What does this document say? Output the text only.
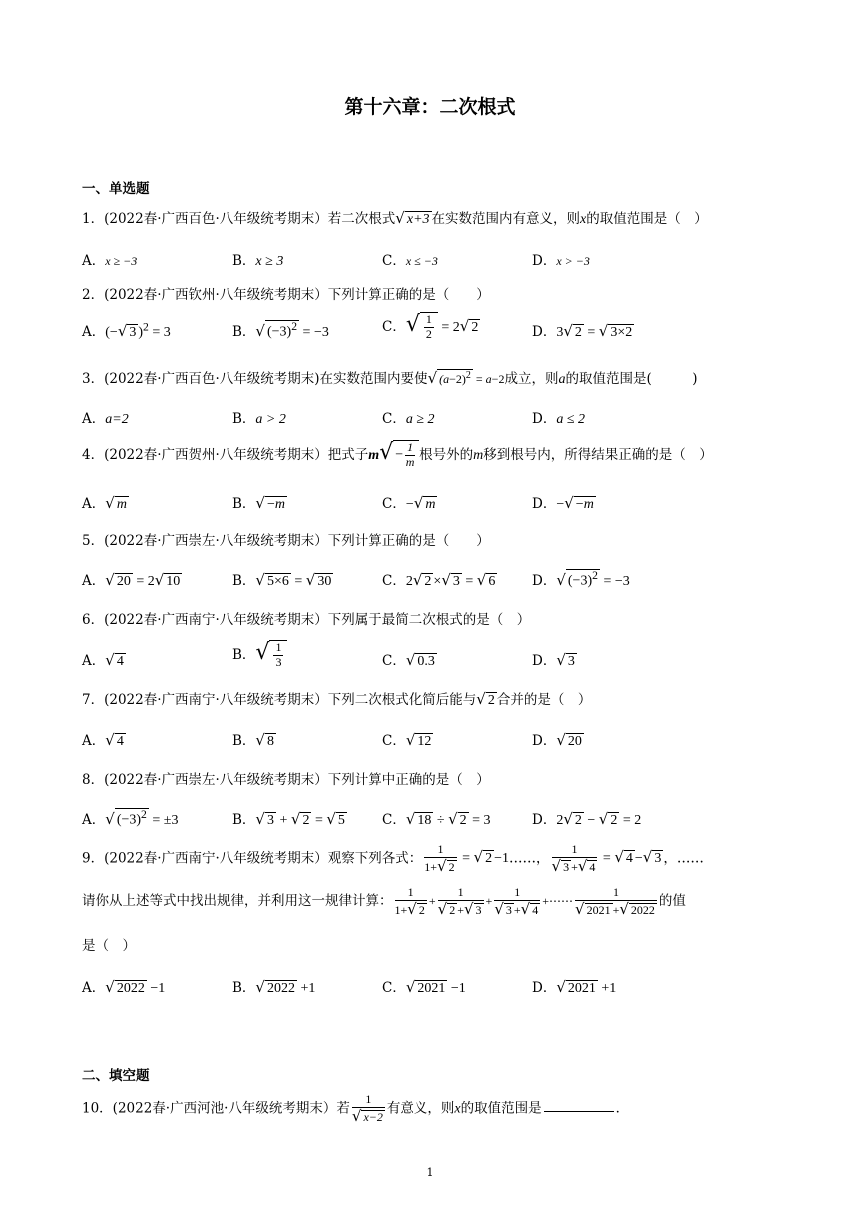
第十六章：二次根式
一、单选题
1．(2022春·广西百色·八年级统考期末）若二次根式√ x+3 在实数范围内有意义，则x的取值范围是（　）
A．x ≥ −3	B．x ≥ 3	C．x ≤ −3	D．x > −3
2．(2022春·广西钦州·八年级统考期末）下列计算正确的是（　　）
A．(−√ 3 )$^2$ = 3	B．√ $(-3)^2 = -3$	C．√ $\frac{1}{2} = 2√$ 2	D．3√ 2 = √ 3×2
3．(2022春·广西百色·八年级统考期末)在实数范围内要使√ $(a-2)^2 = a-2$成立，则a的取值范围是(　　　)
A．a=2	B．a > 2	C．a ≥ 2	D．a ≤ 2
4．(2022春·广西贺州·八年级统考期末）把式子$m√ - \frac{1}{m}$ 根号外的m移到根号内，所得结果正确的是（　）
A．√ m	B．√ −m	C．−√ m	D．−√ −m
5．(2022春·广西崇左·八年级统考期末）下列计算正确的是（　　）
A．√ 20 = 2√ 10	B．√ 5×6 = √ 30	C．2√ 2 ×√ 3 = √ 6	D．√ $(-3)^2 = -3$
6．(2022春·广西南宁·八年级统考期末）下列属于最简二次根式的是（　）
A．√ 4	B．√ $\frac{1}{3}$	C．√ 0.3	D．√ 3
7．(2022春·广西南宁·八年级统考期末）下列二次根式化简后能与√ 2 合并的是（　）
A．√ 4	B．√ 8	C．√ 12	D．√ 20
8．(2022春·广西崇左·八年级统考期末）下列计算中正确的是（　）
A．√ $(-3)^2 = \pm 3$	B．√ 3 + √ 2 = √ 5	C．√ 18 ÷ √ 2 = 3	D．2√ 2 − √ 2 = 2
9．(2022春·广西南宁·八年级统考期末）观察下列各式： $\frac{1}{1+√ 2}$ = √ 2 −1……， $\frac{1}{√ 3 +√ 4}$ = √ 4 −√ 3 ，……
请你从上述等式中找出规律，并利用这一规律计算： $\frac{1}{1+√ 2} + \frac{1}{√ 2 +√ 3} + \frac{1}{√ 3 +√ 4}$ +⋯⋯ $\frac{1}{√ 2021 +√ 2022}$ 的值
是（　）
A．√ 2022 −1	B．√ 2022 +1	C．√ 2021 −1	D．√ 2021 +1
二、填空题
10．(2022春·广西河池·八年级统考期末）若 $\frac{1}{√ x-2}$ 有意义，则x的取值范围是	．
1
